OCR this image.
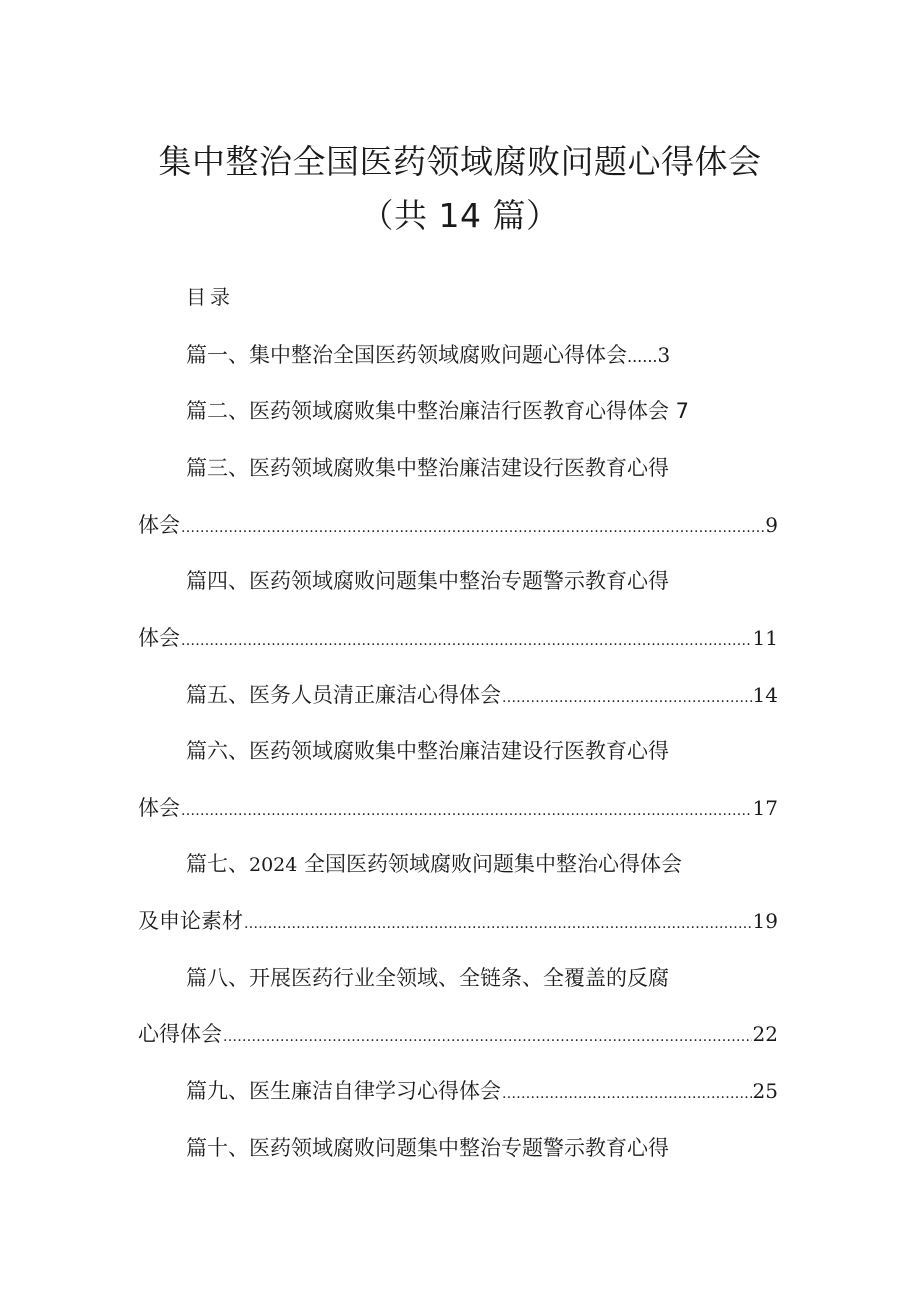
集中整治全国医药领域腐败问题心得体会
（共 14 篇）
目录
篇一、集中整治全国医药领域腐败问题心得体会 ...... 3
篇二、医药领域腐败集中整治廉洁行医教育心得体会 7
篇三、医药领域腐败集中整治廉洁建设行医教育心得
体会 .....	9
篇四、医药领域腐败问题集中整治专题警示教育心得
体会 .....	11
篇五、医务人员清正廉洁心得体会 .....	14
篇六、医药领域腐败集中整治廉洁建设行医教育心得
体会 .....	17
篇七、2024 全国医药领域腐败问题集中整治心得体会
及申论素材 .....	19
篇八、开展医药行业全领域、全链条、全覆盖的反腐
心得体会 .....	22
篇九、医生廉洁自律学习心得体会 .....	25
篇十、医药领域腐败问题集中整治专题警示教育心得
